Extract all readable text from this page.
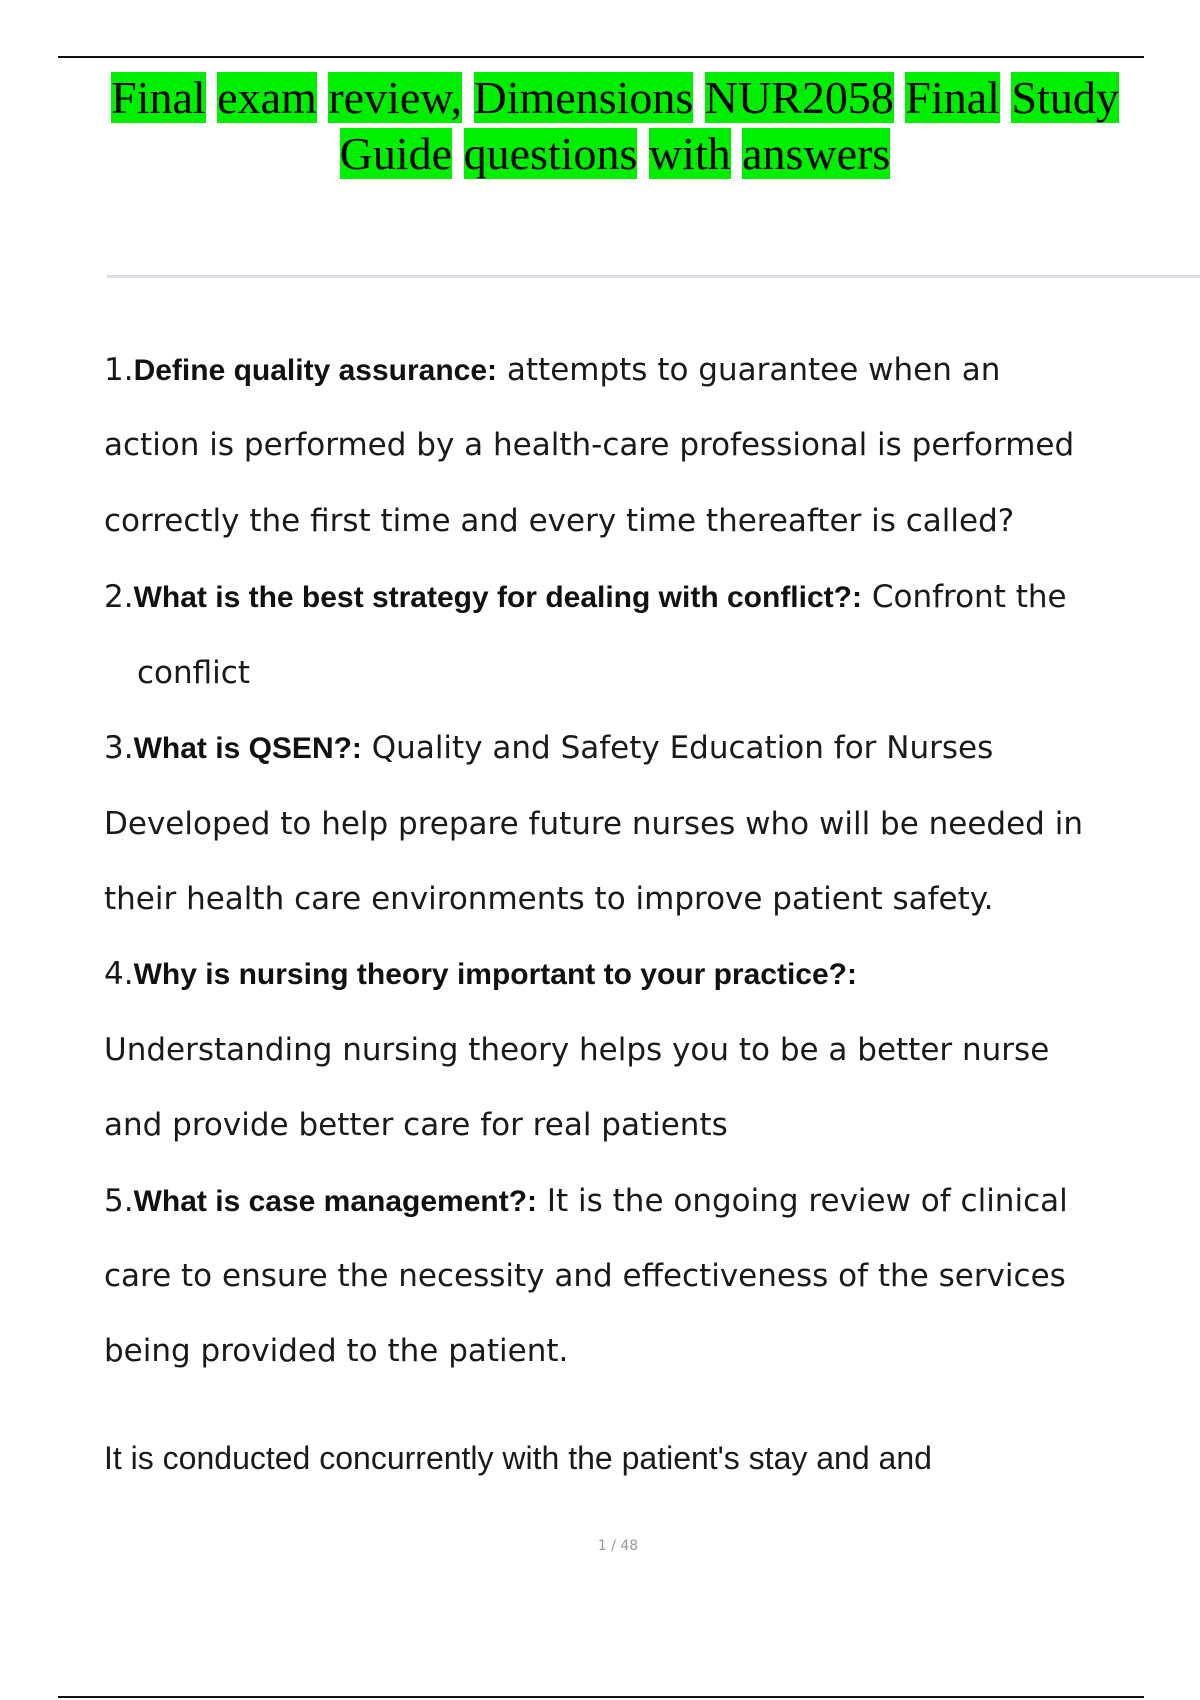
Final exam review, Dimensions NUR2058 Final Study
Guide questions with answers
1.Define quality assurance: attempts to guarantee when an
action is performed by a health-care professional is performed
correctly the first time and every time thereafter is called?
2.What is the best strategy for dealing with conflict?: Confront the
conflict
3.What is QSEN?: Quality and Safety Education for Nurses
Developed to help prepare future nurses who will be needed in
their health care environments to improve patient safety.
4.Why is nursing theory important to your practice?:
Understanding nursing theory helps you to be a better nurse
and provide better care for real patients
5.What is case management?: It is the ongoing review of clinical
care to ensure the necessity and effectiveness of the services
being provided to the patient.
It is conducted concurrently with the patient's stay and and
1 / 48
